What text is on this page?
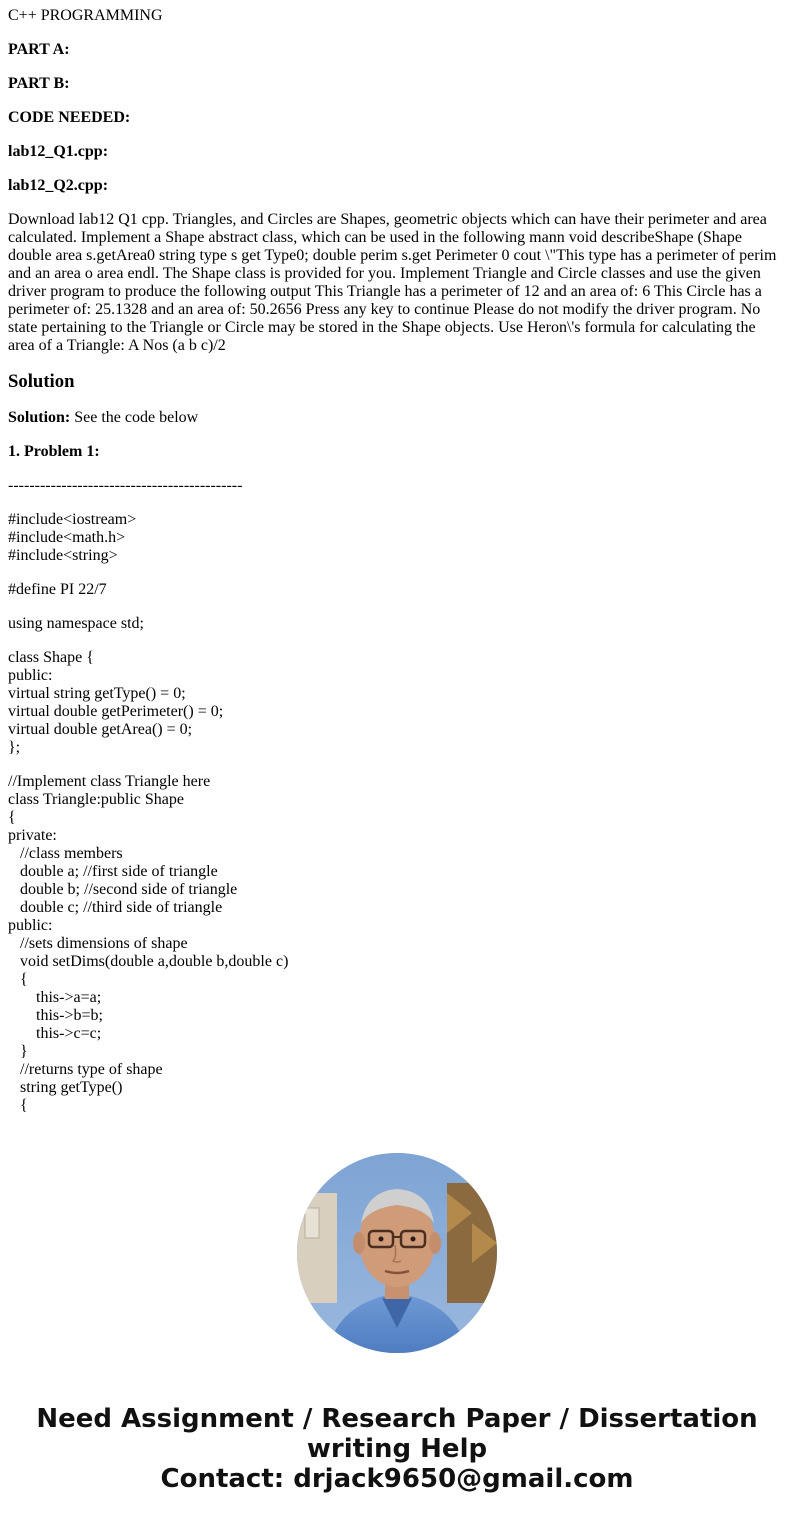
C++ PROGRAMMING

PART A:

PART B:

CODE NEEDED:

lab12_Q1.cpp:

lab12_Q2.cpp:

Download lab12 Q1 cpp. Triangles, and Circles are Shapes, geometric objects which can have their perimeter and area calculated. Implement a Shape abstract class, which can be used in the following mann void describeShape (Shape double area s.getArea0 string type s get Type0; double perim s.get Perimeter 0 cout \"This type has a perimeter of perim and an area o area endl. The Shape class is provided for you. Implement Triangle and Circle classes and use the given driver program to produce the following output This Triangle has a perimeter of 12 and an area of: 6 This Circle has a perimeter of: 25.1328 and an area of: 50.2656 Press any key to continue Please do not modify the driver program. No state pertaining to the Triangle or Circle may be stored in the Shape objects. Use Heron\'s formula for calculating the area of a Triangle: A Nos (a b c)/2

Solution

Solution: See the code below

1. Problem 1:

--------------------------------------------

#include<iostream>
#include<math.h>
#include<string>
#define PI 22/7
using namespace std;
class Shape {
public:
virtual string getType() = 0;
virtual double getPerimeter() = 0;
virtual double getArea() = 0;
};
//Implement class Triangle here
class Triangle:public Shape
{
private:
//class members
double a; //first side of triangle
double b; //second side of triangle
double c; //third side of triangle
public:
//sets dimensions of shape
void setDims(double a,double b,double c)
{
this->a=a;
this->b=b;
this->c=c;
}
//returns type of shape
string getType()
{
Need Assignment / Research Paper / Dissertation
writing Help
Contact: drjack9650@gmail.com
